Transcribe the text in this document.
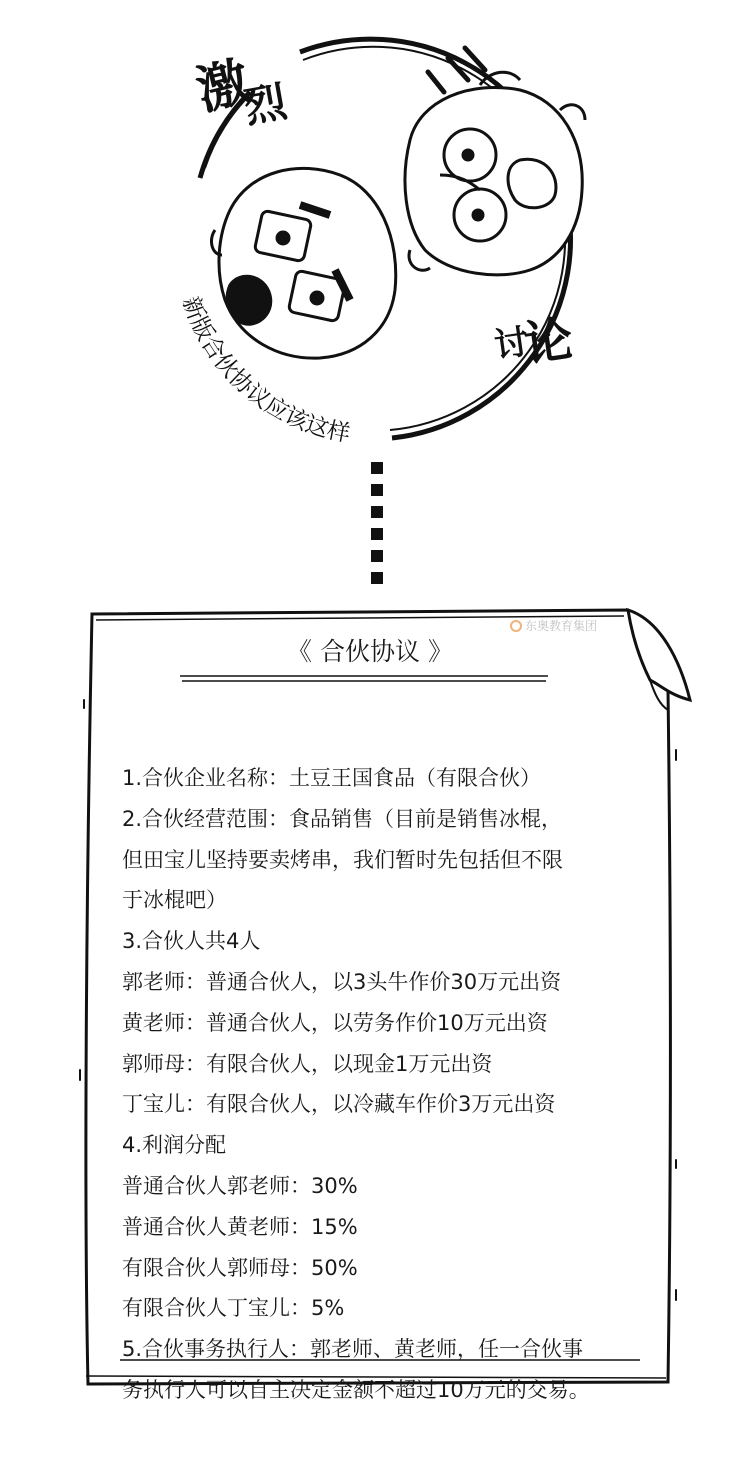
新版合伙协议应该这样
激
烈
讨
论
东奥教育集团
《 合伙协议 》
1.合伙企业名称：土豆王国食品（有限合伙）
2.合伙经营范围：食品销售（目前是销售冰棍，
但田宝儿坚持要卖烤串，我们暂时先包括但不限
于冰棍吧）
3.合伙人共4人
郭老师：普通合伙人，以3头牛作价30万元出资
黄老师：普通合伙人，以劳务作价10万元出资
郭师母：有限合伙人，以现金1万元出资
丁宝儿：有限合伙人，以冷藏车作价3万元出资
4.利润分配
普通合伙人郭老师：30%
普通合伙人黄老师：15%
有限合伙人郭师母：50%
有限合伙人丁宝儿：5%
5.合伙事务执行人：郭老师、黄老师，任一合伙事
务执行人可以自主决定金额不超过10万元的交易。
